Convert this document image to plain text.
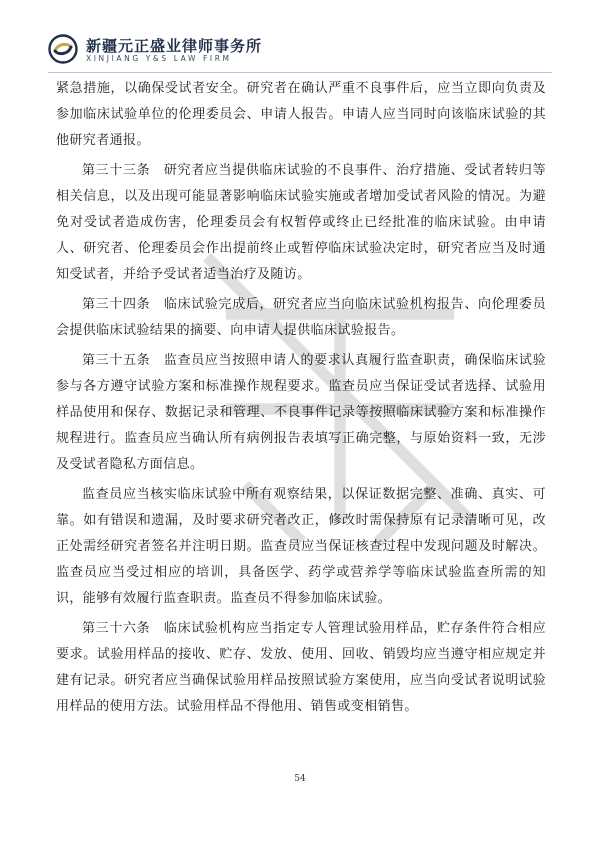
新疆元正盛业律师事务所
XINJIANG Y&S LAW FIRM

紧急措施，以确保受试者安全。研究者在确认严重不良事件后，应当立即向负责及参加临床试验单位的伦理委员会、申请人报告。申请人应当同时向该临床试验的其他研究者通报。

第三十三条　研究者应当提供临床试验的不良事件、治疗措施、受试者转归等相关信息，以及出现可能显著影响临床试验实施或者增加受试者风险的情况。为避免对受试者造成伤害，伦理委员会有权暂停或终止已经批准的临床试验。由申请人、研究者、伦理委员会作出提前终止或暂停临床试验决定时，研究者应当及时通知受试者，并给予受试者适当治疗及随访。

第三十四条　临床试验完成后，研究者应当向临床试验机构报告、向伦理委员会提供临床试验结果的摘要、向申请人提供临床试验报告。

第三十五条　监查员应当按照申请人的要求认真履行监查职责，确保临床试验参与各方遵守试验方案和标准操作规程要求。监查员应当保证受试者选择、试验用样品使用和保存、数据记录和管理、不良事件记录等按照临床试验方案和标准操作规程进行。监查员应当确认所有病例报告表填写正确完整，与原始资料一致，无涉及受试者隐私方面信息。

监查员应当核实临床试验中所有观察结果，以保证数据完整、准确、真实、可靠。如有错误和遗漏，及时要求研究者改正，修改时需保持原有记录清晰可见，改正处需经研究者签名并注明日期。监查员应当保证核查过程中发现问题及时解决。监查员应当受过相应的培训，具备医学、药学或营养学等临床试验监查所需的知识，能够有效履行监查职责。监查员不得参加临床试验。

第三十六条　临床试验机构应当指定专人管理试验用样品，贮存条件符合相应要求。试验用样品的接收、贮存、发放、使用、回收、销毁均应当遵守相应规定并建有记录。研究者应当确保试验用样品按照试验方案使用，应当向受试者说明试验用样品的使用方法。试验用样品不得他用、销售或变相销售。

54
